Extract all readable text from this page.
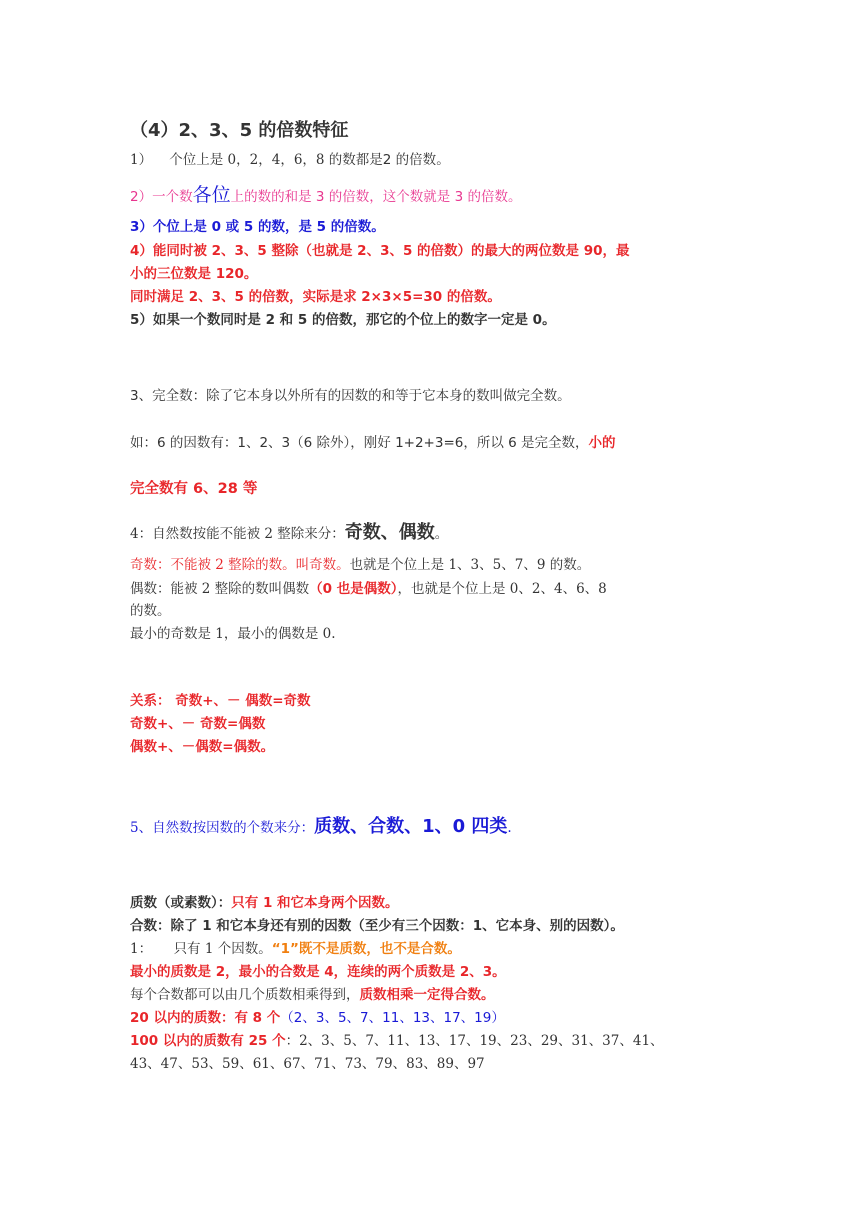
（4）2、3、5 的倍数特征
1） 个位上是 0，2，4，6，8 的数都是2 的倍数。
2）一个数各位上的数的和是 3 的倍数，这个数就是 3 的倍数。
3）个位上是 0 或 5 的数，是 5 的倍数。
4）能同时被 2、3、5 整除（也就是 2、3、5 的倍数）的最大的两位数是 90，最
小的三位数是 120。
同时满足 2、3、5 的倍数，实际是求 2×3×5=30 的倍数。
5）如果一个数同时是 2 和 5 的倍数，那它的个位上的数字一定是 0。
3、完全数：除了它本身以外所有的因数的和等于它本身的数叫做完全数。
如：6 的因数有：1、2、3（6 除外），刚好 1+2+3=6，所以 6 是完全数，小的
完全数有 6、28 等
4：自然数按能不能被 2 整除来分：奇数、偶数。
奇数：不能被 2 整除的数。叫奇数。也就是个位上是 1、3、5、7、9 的数。
偶数：能被 2 整除的数叫偶数（0 也是偶数），也就是个位上是 0、2、4、6、8
的数。
最小的奇数是 1，最小的偶数是 0.
关系： 奇数+、－ 偶数=奇数
奇数+、－ 奇数=偶数
偶数+、－偶数=偶数。
5、自然数按因数的个数来分：质数、合数、1、0 四类.
质数（或素数）：只有 1 和它本身两个因数。
合数：除了 1 和它本身还有别的因数（至少有三个因数：1、它本身、别的因数）。
1： 只有 1 个因数。“1”既不是质数，也不是合数。
最小的质数是 2，最小的合数是 4，连续的两个质数是 2、3。
每个合数都可以由几个质数相乘得到，质数相乘一定得合数。
20 以内的质数：有 8 个（2、3、5、7、11、13、17、19）
100 以内的质数有 25 个：2、3、5、7、11、13、17、19、23、29、31、37、41、
43、47、53、59、61、67、71、73、79、83、89、97
